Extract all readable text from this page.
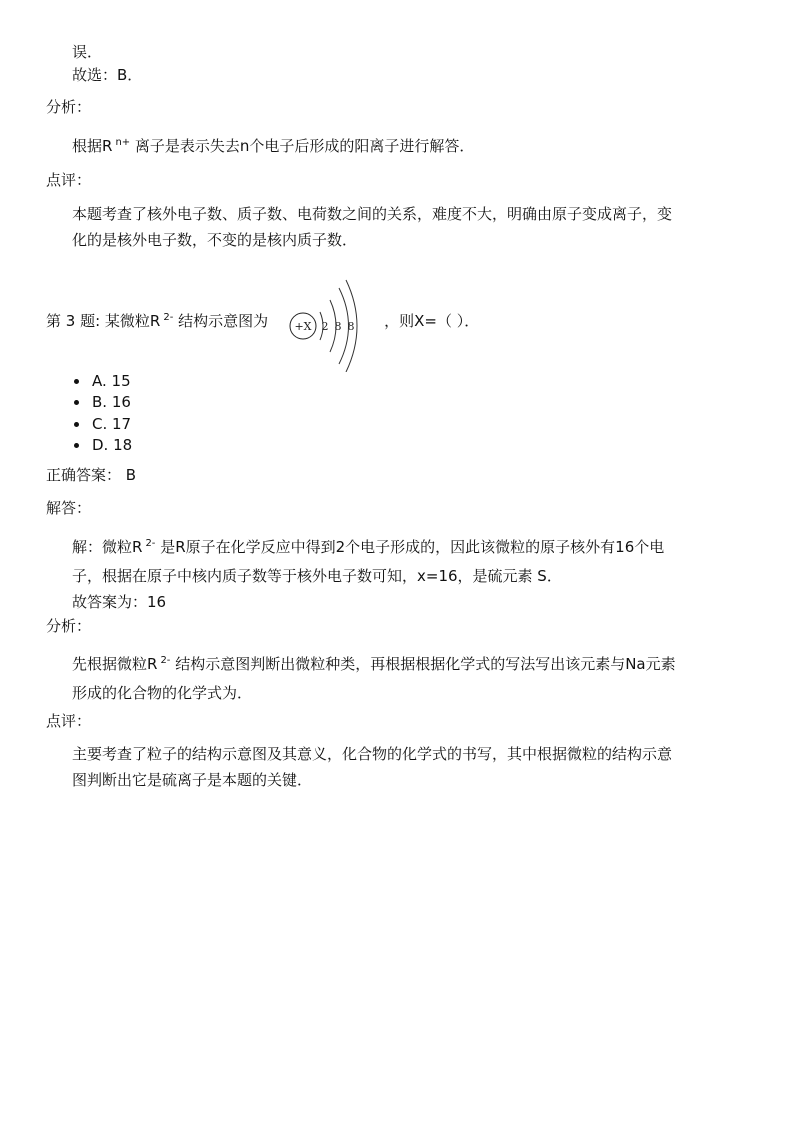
误．
故选：B．
分析：
根据R $^{n+}$ 离子是表示失去n个电子后形成的阳离子进行解答．
点评：
本题考查了核外电子数、质子数、电荷数之间的关系，难度不大，明确由原子变成离子，变
化的是核外电子数，不变的是核内质子数．
第 3 题: 某微粒R $^{2-}$ 结构示意图为	，则X=（ ）．
+X 2 8 8
A. 15
B. 16
C. 17
D. 18
正确答案： B
解答：
解：微粒R $^{2-}$ 是R原子在化学反应中得到2个电子形成的，因此该微粒的原子核外有16个电
子，根据在原子中核内质子数等于核外电子数可知，x=16，是硫元素 S．
故答案为：16
分析：
先根据微粒R $^{2-}$ 结构示意图判断出微粒种类，再根据根据化学式的写法写出该元素与Na元素
形成的化合物的化学式为．
点评：
主要考查了粒子的结构示意图及其意义，化合物的化学式的书写，其中根据微粒的结构示意
图判断出它是硫离子是本题的关键．
